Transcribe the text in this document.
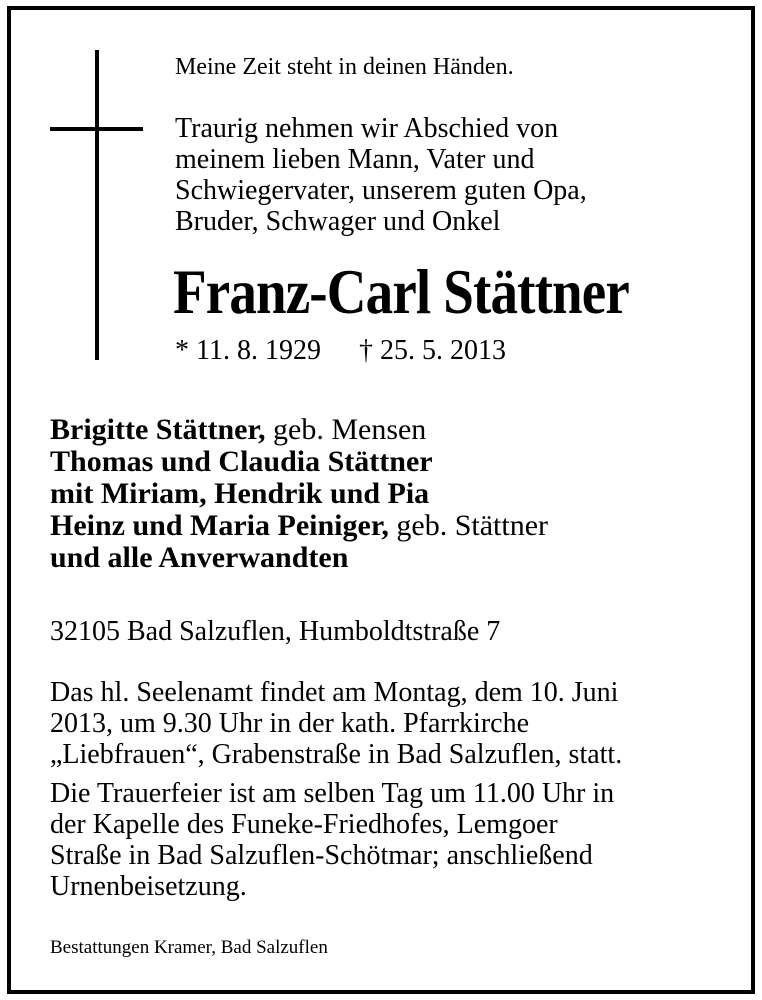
Meine Zeit steht in deinen Händen.

Traurig nehmen wir Abschied von
meinem lieben Mann, Vater und
Schwiegervater, unserem guten Opa,
Bruder, Schwager und Onkel
Franz-Carl Stättner
* 11. 8. 1929 † 25. 5. 2013
Brigitte Stättner, geb. Mensen
Thomas und Claudia Stättner
mit Miriam, Hendrik und Pia
Heinz und Maria Peiniger, geb. Stättner
und alle Anverwandten

32105 Bad Salzuflen, Humboldtstraße 7

Das hl. Seelenamt findet am Montag, dem 10. Juni
2013, um 9.30 Uhr in der kath. Pfarrkirche
„Liebfrauen“, Grabenstraße in Bad Salzuflen, statt.
Die Trauerfeier ist am selben Tag um 11.00 Uhr in
der Kapelle des Funeke-Friedhofes, Lemgoer
Straße in Bad Salzuflen-Schötmar; anschließend
Urnenbeisetzung.

Bestattungen Kramer, Bad Salzuflen
